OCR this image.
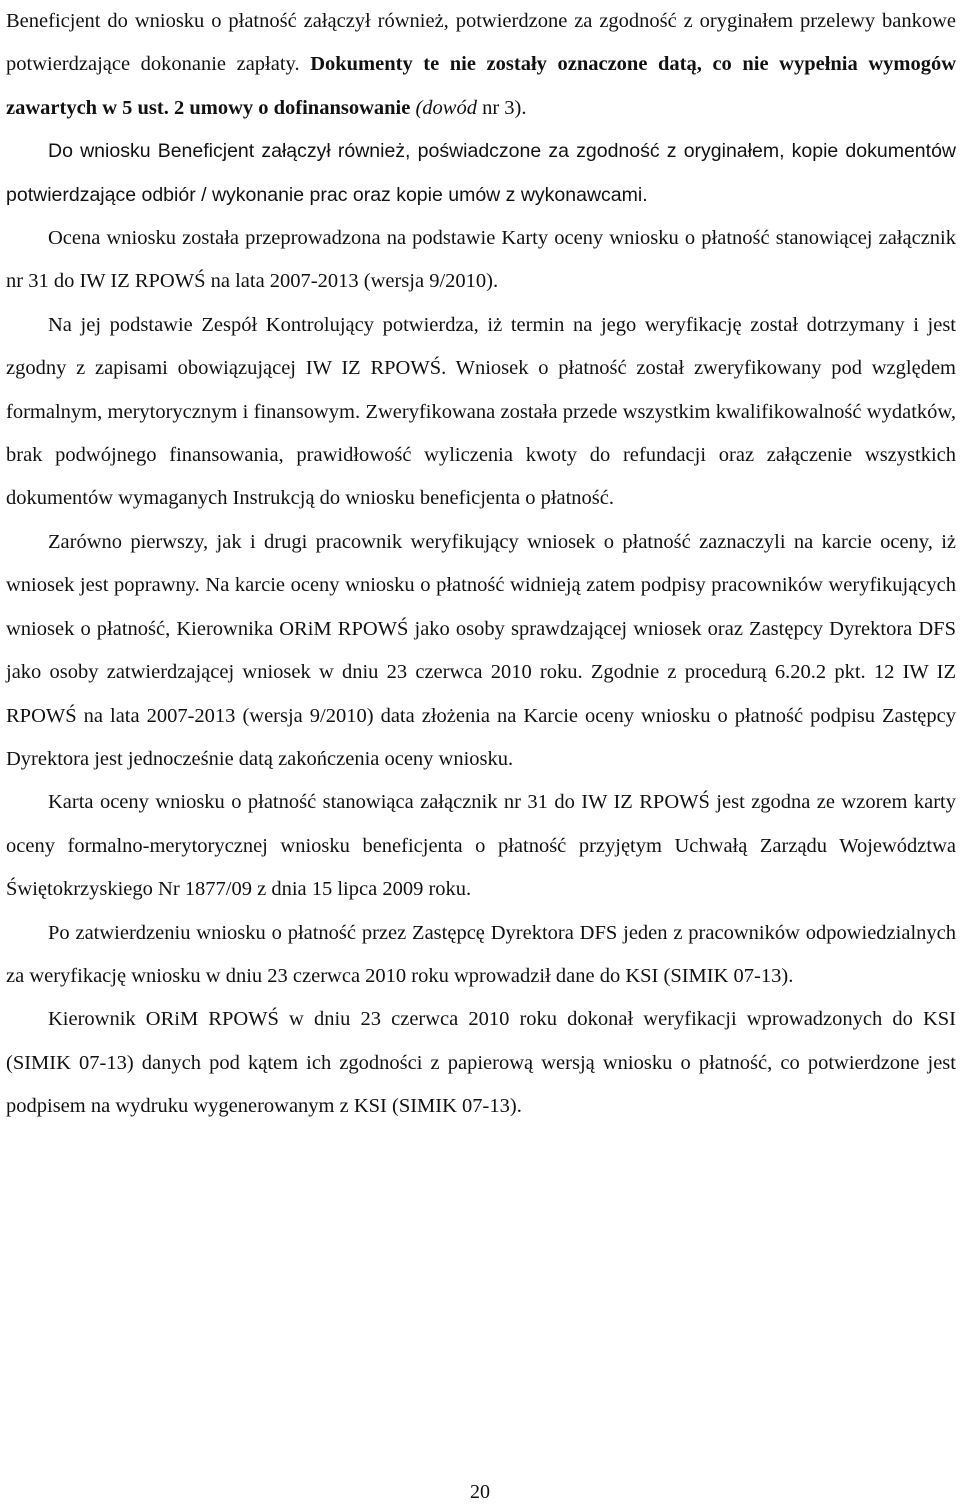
Beneficjent do wniosku o płatność załączył również, potwierdzone za zgodność z oryginałem przelewy bankowe potwierdzające dokonanie zapłaty. Dokumenty te nie zostały oznaczone datą, co nie wypełnia wymogów zawartych w 5 ust. 2 umowy o dofinansowanie (dowód nr 3).

Do wniosku Beneficjent załączył również, poświadczone za zgodność z oryginałem, kopie dokumentów potwierdzające odbiór / wykonanie prac oraz kopie umów z wykonawcami.

Ocena wniosku została przeprowadzona na podstawie Karty oceny wniosku o płatność stanowiącej załącznik nr 31 do IW IZ RPOWŚ na lata 2007-2013 (wersja 9/2010).

Na jej podstawie Zespół Kontrolujący potwierdza, iż termin na jego weryfikację został dotrzymany i jest zgodny z zapisami obowiązującej IW IZ RPOWŚ. Wniosek o płatność został zweryfikowany pod względem formalnym, merytorycznym i finansowym. Zweryfikowana została przede wszystkim kwalifikowalność wydatków, brak podwójnego finansowania, prawidłowość wyliczenia kwoty do refundacji oraz załączenie wszystkich dokumentów wymaganych Instrukcją do wniosku beneficjenta o płatność.

Zarówno pierwszy, jak i drugi pracownik weryfikujący wniosek o płatność zaznaczyli na karcie oceny, iż wniosek jest poprawny. Na karcie oceny wniosku o płatność widnieją zatem podpisy pracowników weryfikujących wniosek o płatność, Kierownika ORiM RPOWŚ jako osoby sprawdzającej wniosek oraz Zastępcy Dyrektora DFS jako osoby zatwierdzającej wniosek w dniu 23 czerwca 2010 roku. Zgodnie z procedurą 6.20.2 pkt. 12 IW IZ RPOWŚ na lata 2007-2013 (wersja 9/2010) data złożenia na Karcie oceny wniosku o płatność podpisu Zastępcy Dyrektora jest jednocześnie datą zakończenia oceny wniosku.

Karta oceny wniosku o płatność stanowiąca załącznik nr 31 do IW IZ RPOWŚ jest zgodna ze wzorem karty oceny formalno-merytorycznej wniosku beneficjenta o płatność przyjętym Uchwałą Zarządu Województwa Świętokrzyskiego Nr 1877/09 z dnia 15 lipca 2009 roku.

Po zatwierdzeniu wniosku o płatność przez Zastępcę Dyrektora DFS jeden z pracowników odpowiedzialnych za weryfikację wniosku w dniu 23 czerwca 2010 roku wprowadził dane do KSI (SIMIK 07-13).

Kierownik ORiM RPOWŚ w dniu 23 czerwca 2010 roku dokonał weryfikacji wprowadzonych do KSI (SIMIK 07-13) danych pod kątem ich zgodności z papierową wersją wniosku o płatność, co potwierdzone jest podpisem na wydruku wygenerowanym z KSI (SIMIK 07-13).

20
